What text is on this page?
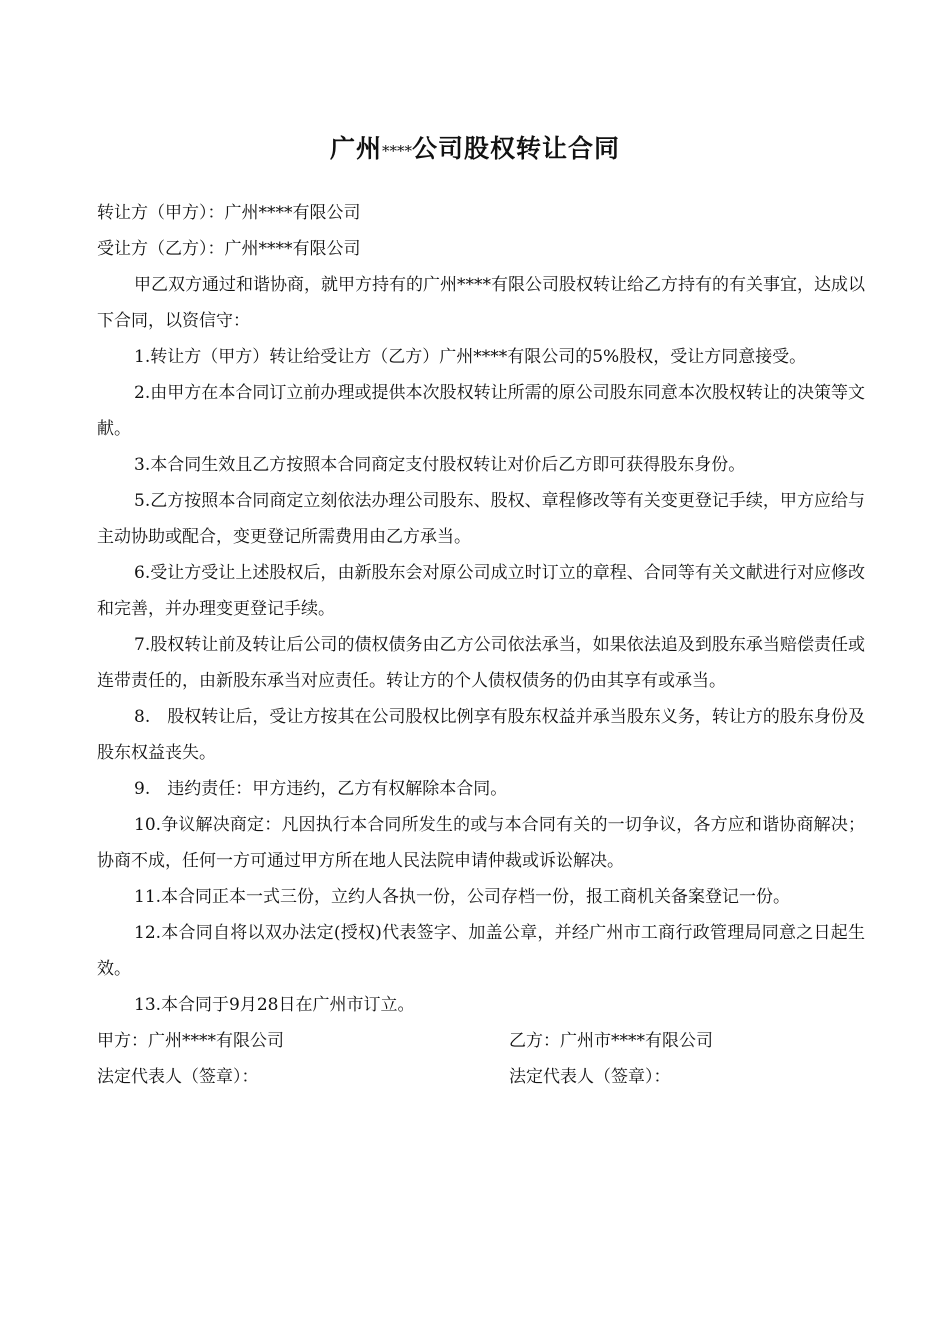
广州****公司股权转让合同

转让方（甲方）：广州****有限公司

受让方（乙方）：广州****有限公司

甲乙双方通过和谐协商，就甲方持有的广州****有限公司股权转让给乙方持有的有关事宜，达成以下合同，以资信守：

1.转让方（甲方）转让给受让方（乙方）广州****有限公司的5%股权，受让方同意接受。

2.由甲方在本合同订立前办理或提供本次股权转让所需的原公司股东同意本次股权转让的决策等文献。

3.本合同生效且乙方按照本合同商定支付股权转让对价后乙方即可获得股东身份。

5.乙方按照本合同商定立刻依法办理公司股东、股权、章程修改等有关变更登记手续，甲方应给与主动协助或配合，变更登记所需费用由乙方承当。

6.受让方受让上述股权后，由新股东会对原公司成立时订立的章程、合同等有关文献进行对应修改和完善，并办理变更登记手续。

7.股权转让前及转让后公司的债权债务由乙方公司依法承当，如果依法追及到股东承当赔偿责任或连带责任的，由新股东承当对应责任。转让方的个人债权债务的仍由其享有或承当。

8.　股权转让后，受让方按其在公司股权比例享有股东权益并承当股东义务，转让方的股东身份及股东权益丧失。

9.　违约责任：甲方违约，乙方有权解除本合同。

10.争议解决商定：凡因执行本合同所发生的或与本合同有关的一切争议，各方应和谐协商解决；协商不成，任何一方可通过甲方所在地人民法院申请仲裁或诉讼解决。

11.本合同正本一式三份，立约人各执一份，公司存档一份，报工商机关备案登记一份。

12.本合同自将以双办法定(授权)代表签字、加盖公章，并经广州市工商行政管理局同意之日起生效。

13.本合同于9月28日在广州市订立。

甲方：广州****有限公司	乙方：广州市****有限公司
法定代表人（签章）：	法定代表人（签章）：
